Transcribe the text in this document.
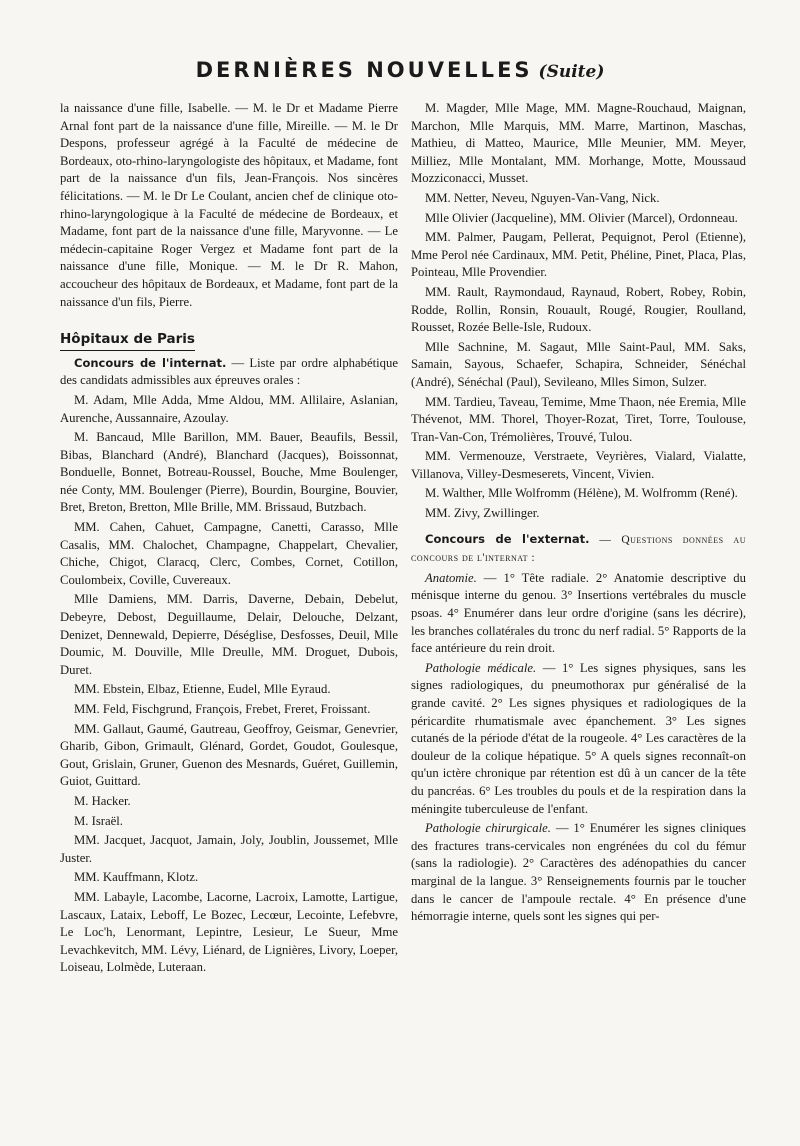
DERNIÈRES NOUVELLES (Suite)

la naissance d'une fille, Isabelle. — M. le Dr et Madame Pierre Arnal font part de la naissance d'une fille, Mireille. — M. le Dr Despons, professeur agrégé à la Faculté de médecine de Bordeaux, oto-rhino-laryngologiste des hôpitaux, et Madame, font part de la naissance d'un fils, Jean-François. Nos sincères félicitations. — M. le Dr Le Coulant, ancien chef de clinique oto-rhino-laryngologique à la Faculté de médecine de Bordeaux, et Madame, font part de la naissance d'une fille, Maryvonne. — Le médecin-capitaine Roger Vergez et Madame font part de la naissance d'une fille, Monique. — M. le Dr R. Mahon, accoucheur des hôpitaux de Bordeaux, et Madame, font part de la naissance d'un fils, Pierre.

Hôpitaux de Paris

Concours de l'internat. — Liste par ordre alphabétique des candidats admissibles aux épreuves orales :

M. Adam, Mlle Adda, Mme Aldou, MM. Allilaire, Aslanian, Aurenche, Aussannaire, Azoulay.

M. Bancaud, Mlle Barillon, MM. Bauer, Beaufils, Bessil, Bibas, Blanchard (André), Blanchard (Jacques), Boissonnat, Bonduelle, Bonnet, Botreau-Roussel, Bouche, Mme Boulenger, née Conty, MM. Boulenger (Pierre), Bourdin, Bourgine, Bouvier, Bret, Breton, Bretton, Mlle Brille, MM. Brissaud, Butzbach.

MM. Cahen, Cahuet, Campagne, Canetti, Carasso, Mlle Casalis, MM. Chalochet, Champagne, Chappelart, Chevalier, Chiche, Chigot, Claracq, Clerc, Combes, Cornet, Cotillon, Coulombeix, Coville, Cuvereaux.

Mlle Damiens, MM. Darris, Daverne, Debain, Debelut, Debeyre, Debost, Deguillaume, Delair, Delouche, Delzant, Denizet, Dennewald, Depierre, Déséglise, Desfosses, Deuil, Mlle Doumic, M. Douville, Mlle Dreulle, MM. Droguet, Dubois, Duret.

MM. Ebstein, Elbaz, Etienne, Eudel, Mlle Eyraud.

MM. Feld, Fischgrund, François, Frebet, Freret, Froissant.

MM. Gallaut, Gaumé, Gautreau, Geoffroy, Geismar, Genevrier, Gharib, Gibon, Grimault, Glénard, Gordet, Goudot, Goulesque, Gout, Grislain, Gruner, Guenon des Mesnards, Guéret, Guillemin, Guiot, Guittard.

M. Hacker.

M. Israël.

MM. Jacquet, Jacquot, Jamain, Joly, Joublin, Joussemet, Mlle Juster.

MM. Kauffmann, Klotz.

MM. Labayle, Lacombe, Lacorne, Lacroix, Lamotte, Lartigue, Lascaux, Lataix, Leboff, Le Bozec, Lecœur, Lecointe, Lefebvre, Le Loc'h, Lenormant, Lepintre, Lesieur, Le Sueur, Mme Levachkevitch, MM. Lévy, Liénard, de Lignières, Livory, Loeper, Loiseau, Lolmède, Luteraan.

M. Magder, Mlle Mage, MM. Magne-Rouchaud, Maignan, Marchon, Mlle Marquis, MM. Marre, Martinon, Maschas, Mathieu, di Matteo, Maurice, Mlle Meunier, MM. Meyer, Milliez, Mlle Montalant, MM. Morhange, Motte, Moussaud Mozziconacci, Musset.

MM. Netter, Neveu, Nguyen-Van-Vang, Nick.

Mlle Olivier (Jacqueline), MM. Olivier (Marcel), Ordonneau.

MM. Palmer, Paugam, Pellerat, Pequignot, Perol (Etienne), Mme Perol née Cardinaux, MM. Petit, Phéline, Pinet, Placa, Plas, Pointeau, Mlle Provendier.

MM. Rault, Raymondaud, Raynaud, Robert, Robey, Robin, Rodde, Rollin, Ronsin, Rouault, Rougé, Rougier, Roulland, Rousset, Rozée Belle-Isle, Rudoux.

Mlle Sachnine, M. Sagaut, Mlle Saint-Paul, MM. Saks, Samain, Sayous, Schaefer, Schapira, Schneider, Sénéchal (André), Sénéchal (Paul), Sevileano, Mlles Simon, Sulzer.

MM. Tardieu, Taveau, Temime, Mme Thaon, née Eremia, Mlle Thévenot, MM. Thorel, Thoyer-Rozat, Tiret, Torre, Toulouse, Tran-Van-Con, Trémolières, Trouvé, Tulou.

MM. Vermenouze, Verstraete, Veyrières, Vialard, Vialatte, Villanova, Villey-Desmeserets, Vincent, Vivien.

M. Walther, Mlle Wolfromm (Hélène), M. Wolfromm (René).

MM. Zivy, Zwillinger.

Concours de l'externat. — Questions données au concours de l'internat :

Anatomie. — 1° Tête radiale. 2° Anatomie descriptive du ménisque interne du genou. 3° Insertions vertébrales du muscle psoas. 4° Enumérer dans leur ordre d'origine (sans les décrire), les branches collatérales du tronc du nerf radial. 5° Rapports de la face antérieure du rein droit.

Pathologie médicale. — 1° Les signes physiques, sans les signes radiologiques, du pneumothorax pur généralisé de la grande cavité. 2° Les signes physiques et radiologiques de la péricardite rhumatismale avec épanchement. 3° Les signes cutanés de la période d'état de la rougeole. 4° Les caractères de la douleur de la colique hépatique. 5° A quels signes reconnaît-on qu'un ictère chronique par rétention est dû à un cancer de la tête du pancréas. 6° Les troubles du pouls et de la respiration dans la méningite tuberculeuse de l'enfant.

Pathologie chirurgicale. — 1° Enumérer les signes cliniques des fractures trans-cervicales non engrénées du col du fémur (sans la radiologie). 2° Caractères des adénopathies du cancer marginal de la langue. 3° Renseignements fournis par le toucher dans le cancer de l'ampoule rectale. 4° En présence d'une hémorragie interne, quels sont les signes qui per-
